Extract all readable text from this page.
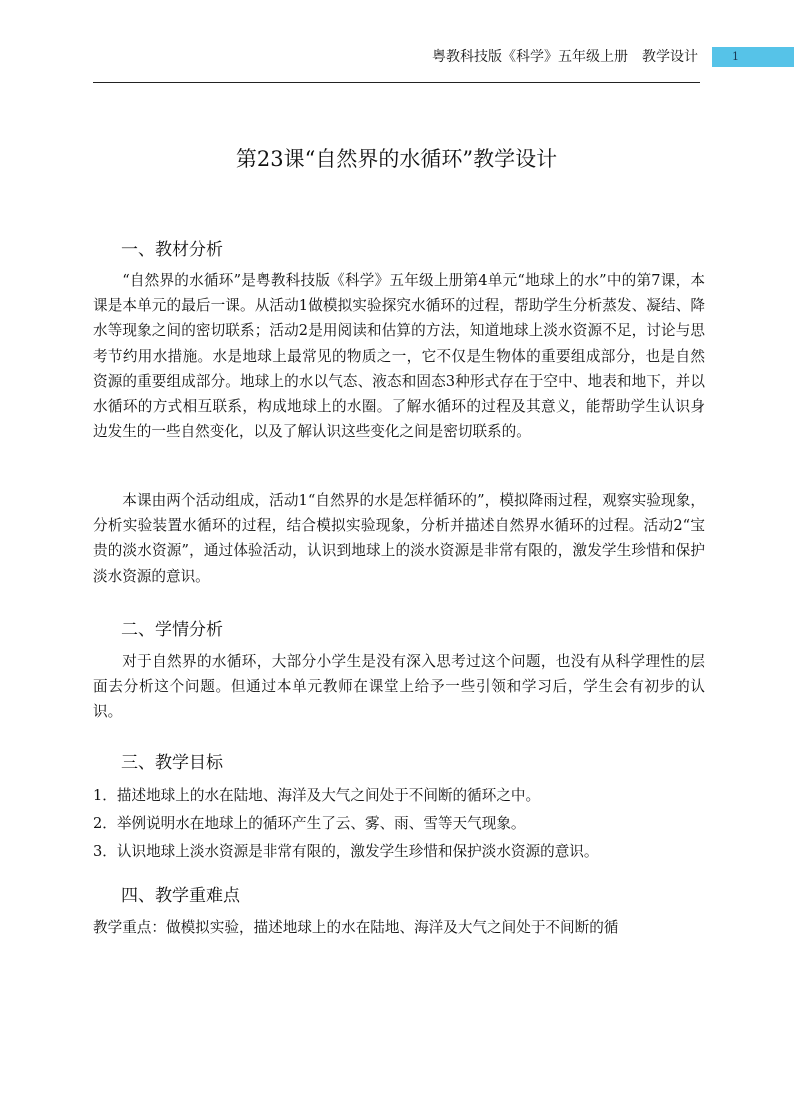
粤教科技版《科学》五年级上册　教学设计	1
第23课“自然界的水循环”教学设计
一、教材分析

“自然界的水循环”是粤教科技版《科学》五年级上册第4单元“地球上的水”中的第7课，本课是本单元的最后一课。从活动1做模拟实验探究水循环的过程，帮助学生分析蒸发、凝结、降水等现象之间的密切联系；活动2是用阅读和估算的方法，知道地球上淡水资源不足，讨论与思考节约用水措施。水是地球上最常见的物质之一，它不仅是生物体的重要组成部分，也是自然资源的重要组成部分。地球上的水以气态、液态和固态3种形式存在于空中、地表和地下，并以水循环的方式相互联系，构成地球上的水圈。了解水循环的过程及其意义，能帮助学生认识身边发生的一些自然变化，以及了解认识这些变化之间是密切联系的。

本课由两个活动组成，活动1“自然界的水是怎样循环的”，模拟降雨过程，观察实验现象，分析实验装置水循环的过程，结合模拟实验现象，分析并描述自然界水循环的过程。活动2“宝贵的淡水资源”，通过体验活动，认识到地球上的淡水资源是非常有限的，激发学生珍惜和保护淡水资源的意识。

二、学情分析

对于自然界的水循环，大部分小学生是没有深入思考过这个问题，也没有从科学理性的层面去分析这个问题。但通过本单元教师在课堂上给予一些引领和学习后，学生会有初步的认识。

三、教学目标
1．描述地球上的水在陆地、海洋及大气之间处于不间断的循环之中。
2．举例说明水在地球上的循环产生了云、雾、雨、雪等天气现象。
3．认识地球上淡水资源是非常有限的，激发学生珍惜和保护淡水资源的意识。
四、教学重难点
教学重点：做模拟实验，描述地球上的水在陆地、海洋及大气之间处于不间断的循
